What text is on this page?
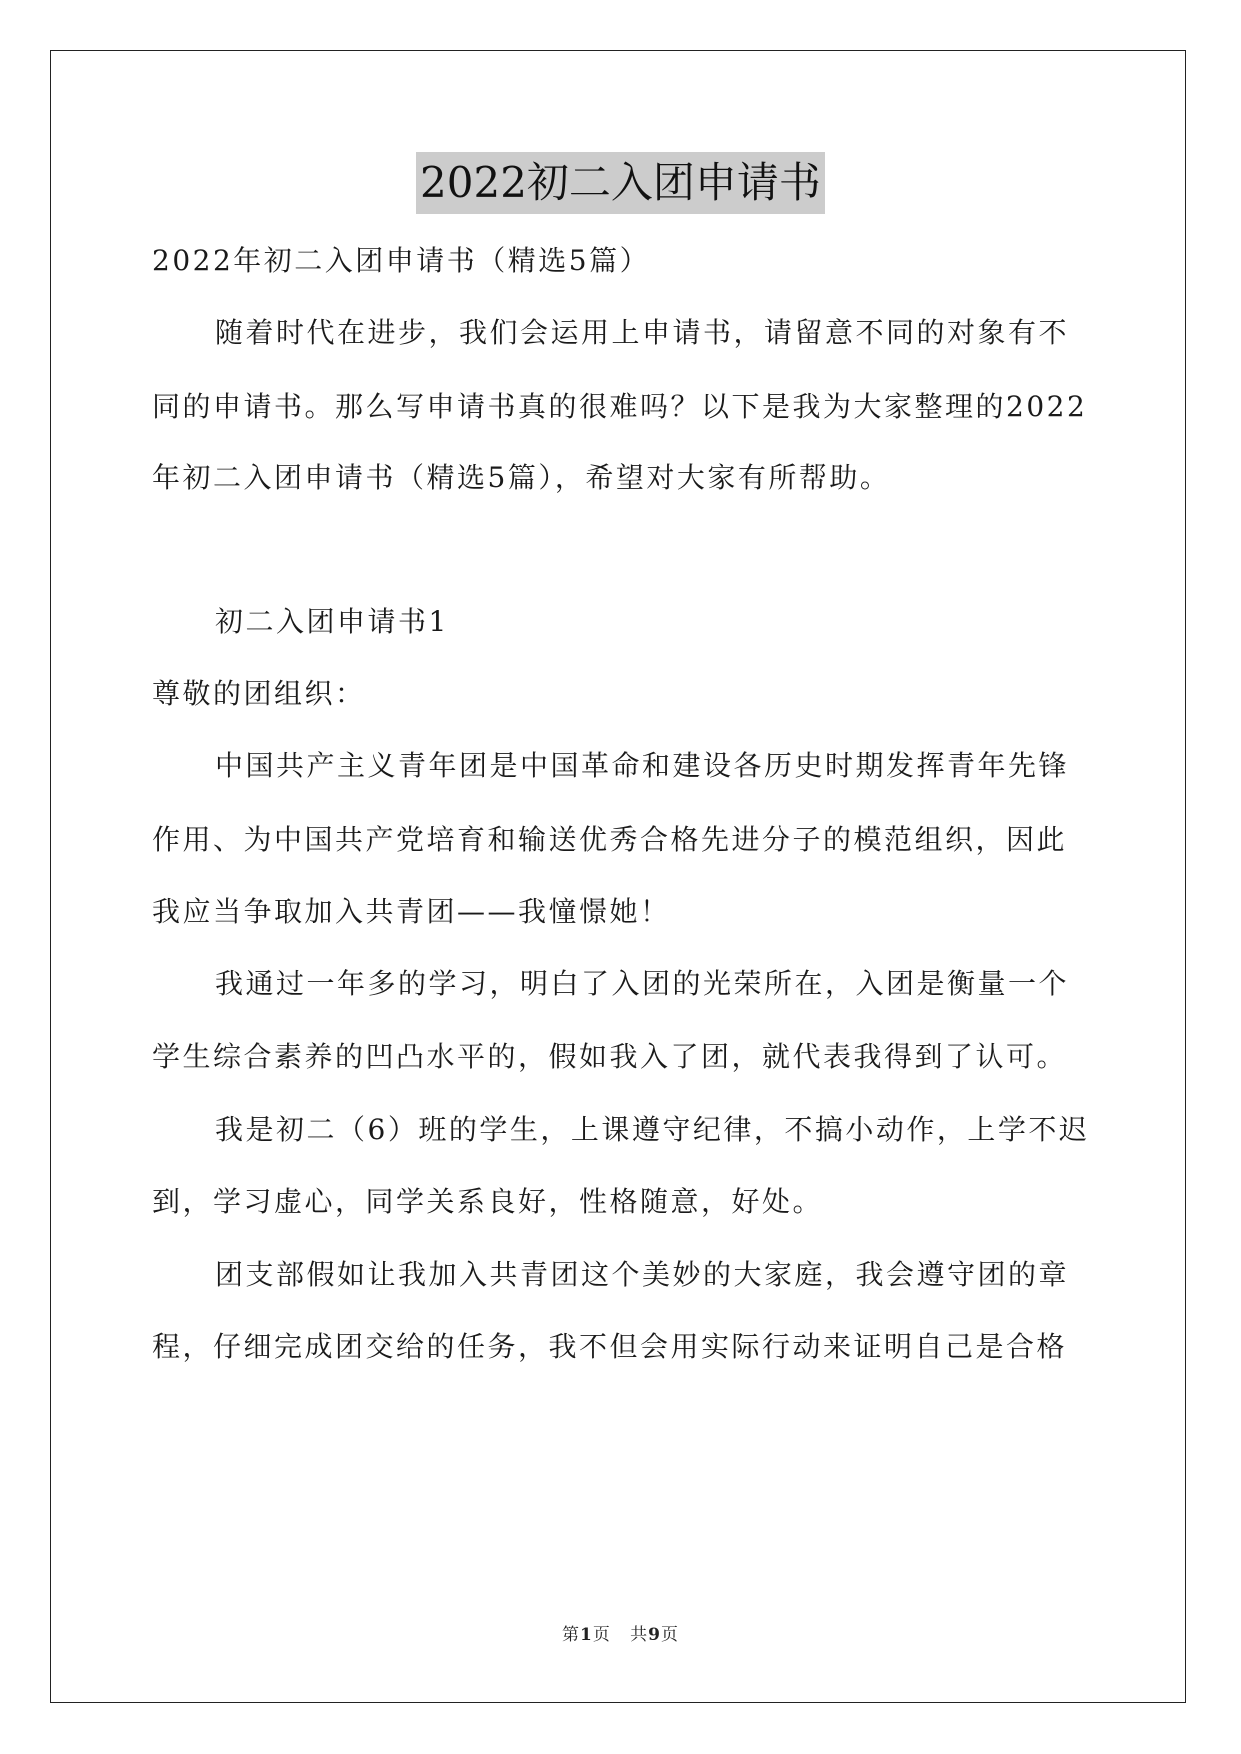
2022初二入团申请书
2022年初二入团申请书（精选5篇）
随着时代在进步，我们会运用上申请书，请留意不同的对象有不
同的申请书。那么写申请书真的很难吗？以下是我为大家整理的2022
年初二入团申请书（精选5篇），希望对大家有所帮助。
初二入团申请书1
尊敬的团组织：
中国共产主义青年团是中国革命和建设各历史时期发挥青年先锋
作用、为中国共产党培育和输送优秀合格先进分子的模范组织，因此
我应当争取加入共青团——我憧憬她！
我通过一年多的学习，明白了入团的光荣所在，入团是衡量一个
学生综合素养的凹凸水平的，假如我入了团，就代表我得到了认可。
我是初二（6）班的学生，上课遵守纪律，不搞小动作，上学不迟
到，学习虚心，同学关系良好，性格随意，好处。
团支部假如让我加入共青团这个美妙的大家庭，我会遵守团的章
程，仔细完成团交给的任务，我不但会用实际行动来证明自己是合格
第1页 共9页
